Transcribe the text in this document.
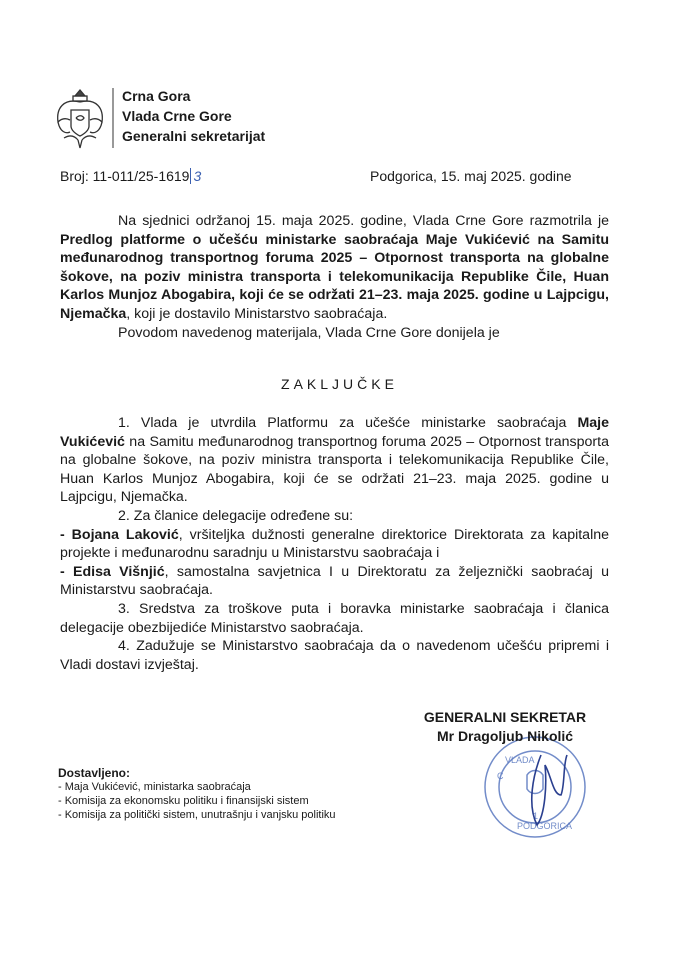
Crna Gora
Vlada Crne Gore
Generalni sekretarijat
Broj: 11-011/25-1619 3	Podgorica, 15. maj 2025. godine

Na sjednici održanoj 15. maja 2025. godine, Vlada Crne Gore razmotrila je Predlog platforme o učešću ministarke saobraćaja Maje Vukićević na Samitu međunarodnog transportnog foruma 2025 – Otpornost transporta na globalne šokove, na poziv ministra transporta i telekomunikacija Republike Čile, Huan Karlos Munjoz Abogabira, koji će se održati 21–23. maja 2025. godine u Lajpcigu, Njemačka, koji je dostavilo Ministarstvo saobraćaja.

Povodom navedenog materijala, Vlada Crne Gore donijela je

ZAKLJUČKE

1. Vlada je utvrdila Platformu za učešće ministarke saobraćaja Maje Vukićević na Samitu međunarodnog transportnog foruma 2025 – Otpornost transporta na globalne šokove, na poziv ministra transporta i telekomunikacija Republike Čile, Huan Karlos Munjoz Abogabira, koji će se održati 21–23. maja 2025. godine u Lajpcigu, Njemačka.

2. Za članice delegacije određene su:

- Bojana Laković, vršiteljka dužnosti generalne direktorice Direktorata za kapitalne projekte i međunarodnu saradnju u Ministarstvu saobraćaja i

- Edisa Višnjić, samostalna savjetnica I u Direktoratu za željeznički saobraćaj u Ministarstvu saobraćaja.

3. Sredstva za troškove puta i boravka ministarke saobraćaja i članica delegacije obezbijediće Ministarstvo saobraćaja.

4. Zadužuje se Ministarstvo saobraćaja da o navedenom učešću pripremi i Vladi dostavi izvještaj.

C
VLADA
PODGORICA
1
GENERALNI SEKRETAR
Mr Dragoljub Nikolić
Dostavljeno:
- Maja Vukićević, ministarka saobraćaja
- Komisija za ekonomsku politiku i finansijski sistem
- Komisija za politički sistem, unutrašnju i vanjsku politiku
